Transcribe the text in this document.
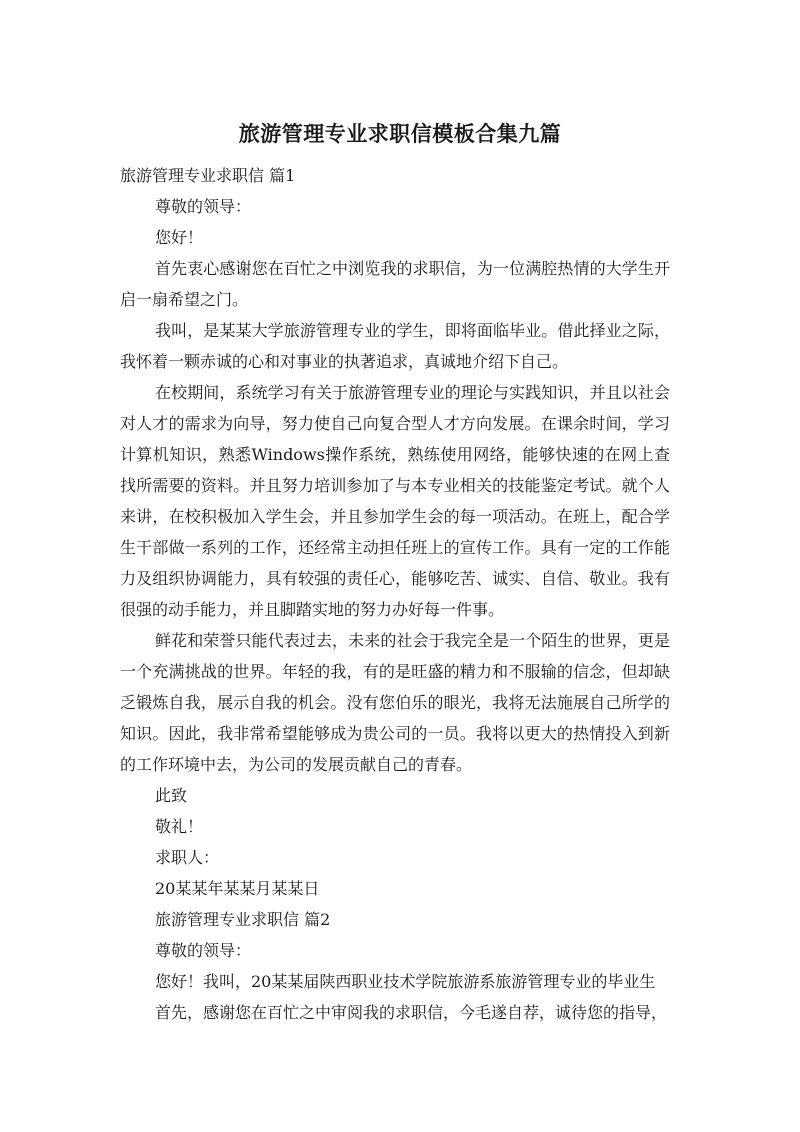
旅游管理专业求职信模板合集九篇

旅游管理专业求职信 篇1

尊敬的领导：

您好！

首先衷心感谢您在百忙之中浏览我的求职信，为一位满腔热情的大学生开启一扇希望之门。

我叫，是某某大学旅游管理专业的学生，即将面临毕业。借此择业之际，我怀着一颗赤诚的心和对事业的执著追求，真诚地介绍下自己。

在校期间，系统学习有关于旅游管理专业的理论与实践知识，并且以社会对人才的需求为向导，努力使自己向复合型人才方向发展。在课余时间，学习计算机知识，熟悉Windows操作系统，熟练使用网络，能够快速的在网上查找所需要的资料。并且努力培训参加了与本专业相关的技能鉴定考试。就个人来讲，在校积极加入学生会，并且参加学生会的每一项活动。在班上，配合学生干部做一系列的工作，还经常主动担任班上的宣传工作。具有一定的工作能力及组织协调能力，具有较强的责任心，能够吃苦、诚实、自信、敬业。我有很强的动手能力，并且脚踏实地的努力办好每一件事。

鲜花和荣誉只能代表过去，未来的社会于我完全是一个陌生的世界，更是一个充满挑战的世界。年轻的我，有的是旺盛的精力和不服输的信念，但却缺乏锻炼自我，展示自我的机会。没有您伯乐的眼光，我将无法施展自己所学的知识。因此，我非常希望能够成为贵公司的一员。我将以更大的热情投入到新的工作环境中去，为公司的发展贡献自己的青春。

此致

敬礼！

求职人：

20某某年某某月某某日

旅游管理专业求职信 篇2

尊敬的领导：

您好！我叫，20某某届陕西职业技术学院旅游系旅游管理专业的毕业生

首先，感谢您在百忙之中审阅我的求职信，今毛遂自荐，诚待您的指导，
